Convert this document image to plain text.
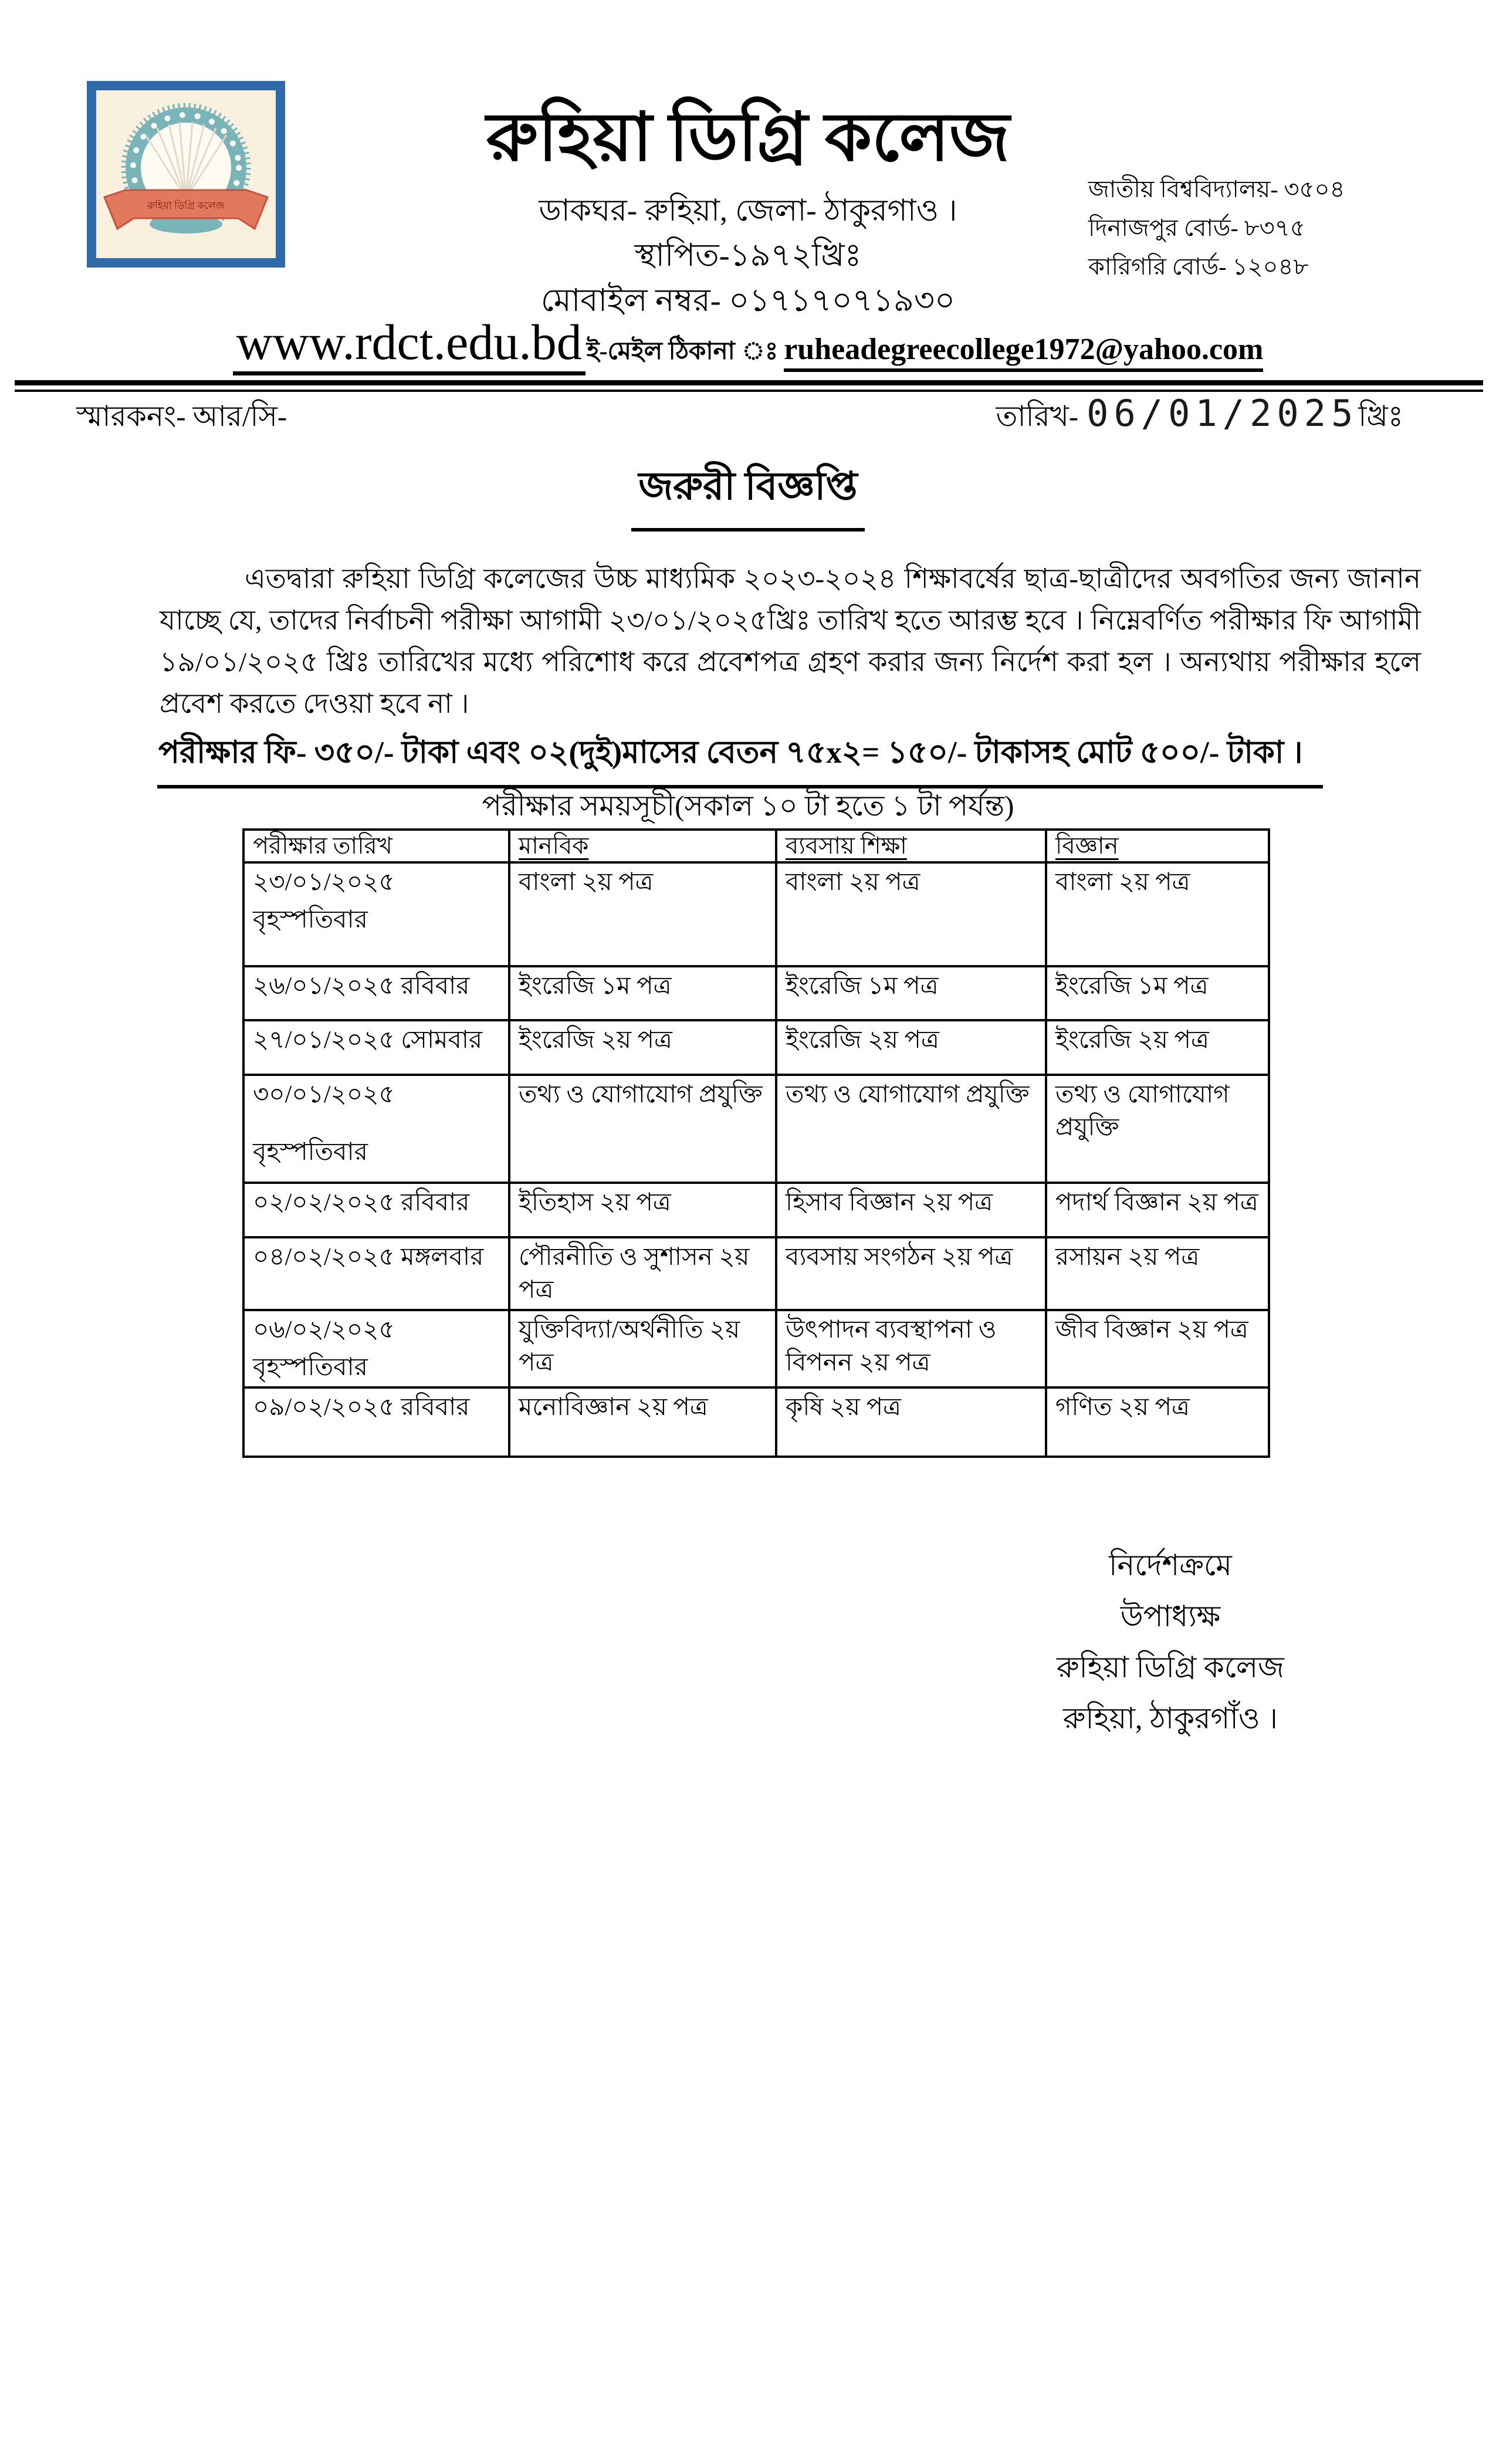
রুহিয়া ডিগ্রি কলেজ
রুহিয়া ডিগ্রি কলেজ
ডাকঘর- রুহিয়া, জেলা- ঠাকুরগাও ।
স্থাপিত-১৯৭২খ্রিঃ
মোবাইল নম্বর- ০১৭১৭০৭১৯৩০
জাতীয় বিশ্ববিদ্যালয়- ৩৫০৪
দিনাজপুর বোর্ড- ৮৩৭৫
কারিগরি বোর্ড- ১২০৪৮
www.rdct.edu.bd ই-মেইল ঠিকানা ঃ ruheadegreecollege1972@yahoo.com
স্মারকনং- আর/সি-	তারিখ- 06/01/2025খ্রিঃ
জরুরী বিজ্ঞপ্তি
এতদ্বারা রুহিয়া ডিগ্রি কলেজের উচ্চ মাধ্যমিক ২০২৩-২০২৪ শিক্ষাবর্ষের ছাত্র-ছাত্রীদের অবগতির জন্য জানান
যাচ্ছে যে, তাদের নির্বাচনী পরীক্ষা আগামী ২৩/০১/২০২৫খ্রিঃ তারিখ হতে আরম্ভ হবে । নিম্নেবর্ণিত পরীক্ষার ফি আগামী
১৯/০১/২০২৫ খ্রিঃ তারিখের মধ্যে পরিশোধ করে প্রবেশপত্র গ্রহণ করার জন্য নির্দেশ করা হল । অন্যথায় পরীক্ষার হলে
প্রবেশ করতে দেওয়া হবে না ।
পরীক্ষার ফি- ৩৫০/- টাকা এবং ০২(দুই)মাসের বেতন ৭৫x২= ১৫০/- টাকাসহ মোট ৫০০/- টাকা ।
পরীক্ষার সময়সূচী(সকাল ১০ টা হতে ১ টা পর্যন্ত)
পরীক্ষার তারিখ	মানবিক	ব্যবসায় শিক্ষা	বিজ্ঞান

২৩/০১/২০২৫
বৃহস্পতিবার	বাংলা ২য় পত্র	বাংলা ২য় পত্র	বাংলা ২য় পত্র
২৬/০১/২০২৫ রবিবার	ইংরেজি ১ম পত্র	ইংরেজি ১ম পত্র	ইংরেজি ১ম পত্র
২৭/০১/২০২৫ সোমবার	ইংরেজি ২য় পত্র	ইংরেজি ২য় পত্র	ইংরেজি ২য় পত্র

৩০/০১/২০২৫
বৃহস্পতিবার	তথ্য ও যোগাযোগ প্রযুক্তি	তথ্য ও যোগাযোগ প্রযুক্তি	তথ্য ও যোগাযোগ প্রযুক্তি
০২/০২/২০২৫ রবিবার	ইতিহাস ২য় পত্র	হিসাব বিজ্ঞান ২য় পত্র	পদার্থ বিজ্ঞান ২য় পত্র
০৪/০২/২০২৫ মঙ্গলবার	পৌরনীতি ও সুশাসন ২য় পত্র	ব্যবসায় সংগঠন ২য় পত্র	রসায়ন ২য় পত্র

০৬/০২/২০২৫
বৃহস্পতিবার	যুক্তিবিদ্যা/অর্থনীতি ২য় পত্র	উৎপাদন ব্যবস্থাপনা ও বিপনন ২য় পত্র	জীব বিজ্ঞান ২য় পত্র
০৯/০২/২০২৫ রবিবার	মনোবিজ্ঞান ২য় পত্র	কৃষি ২য় পত্র	গণিত ২য় পত্র
নির্দেশক্রমে
উপাধ্যক্ষ
রুহিয়া ডিগ্রি কলেজ
রুহিয়া, ঠাকুরগাঁও ।
